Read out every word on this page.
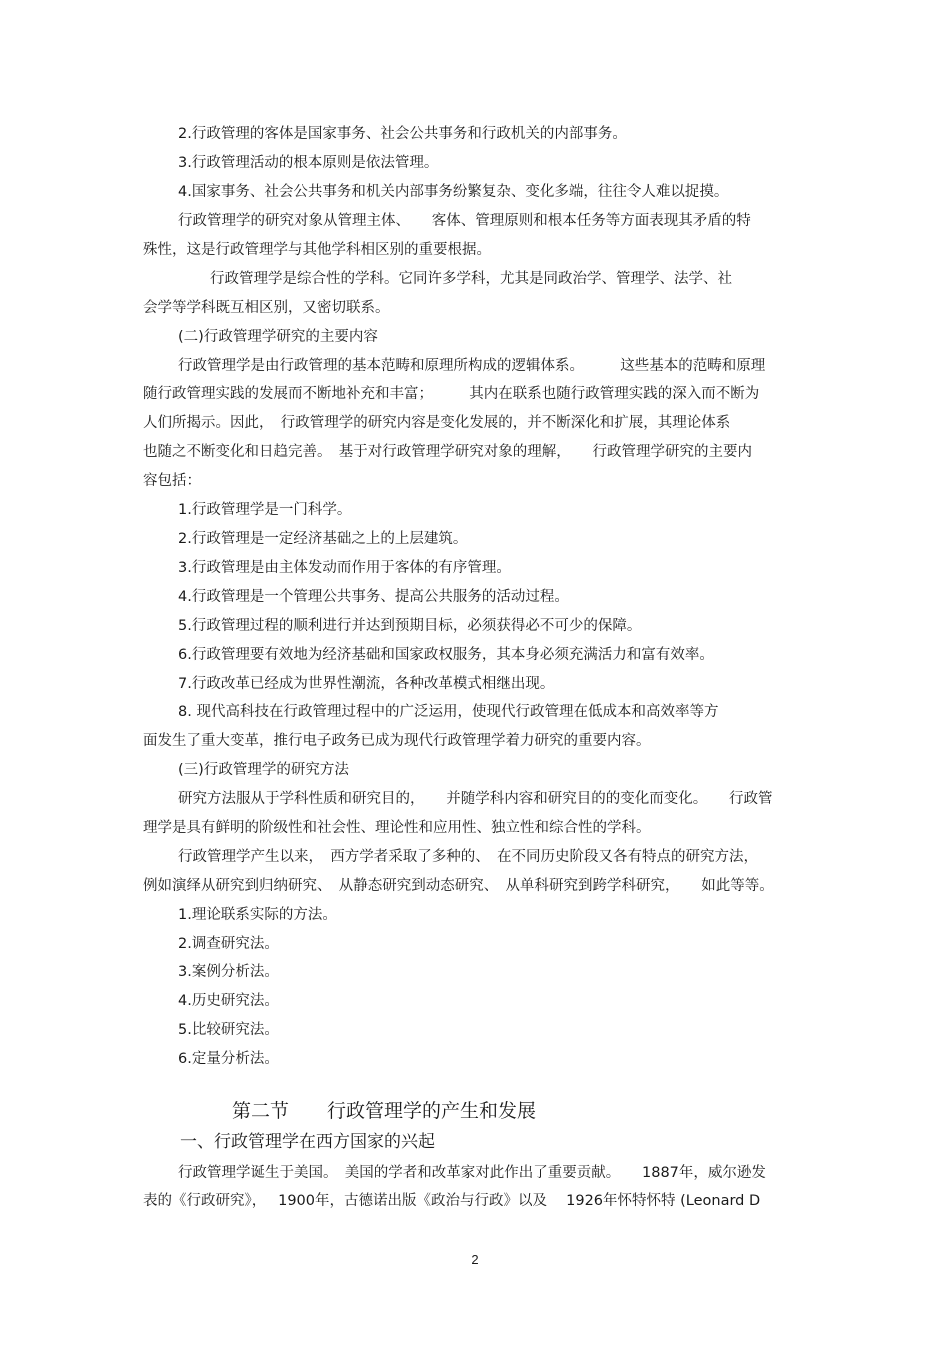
2.行政管理的客体是国家事务、社会公共事务和行政机关的内部事务。
3.行政管理活动的根本原则是依法管理。
4.国家事务、社会公共事务和机关内部事务纷繁复杂、变化多端，往往令人难以捉摸。
行政管理学的研究对象从管理主体、　　客体、管理原则和根本任务等方面表现其矛盾的特
殊性，这是行政管理学与其他学科相区别的重要根据。
行政管理学是综合性的学科。它同许多学科，尤其是同政治学、管理学、法学、社
会学等学科既互相区别，又密切联系。
(二)行政管理学研究的主要内容
行政管理学是由行政管理的基本范畴和原理所构成的逻辑体系。　　　这些基本的范畴和原理
随行政管理实践的发展而不断地补充和丰富；　　　其内在联系也随行政管理实践的深入而不断为
人们所揭示。因此，　行政管理学的研究内容是变化发展的，并不断深化和扩展，其理论体系
也随之不断变化和日趋完善。　基于对行政管理学研究对象的理解，　　行政管理学研究的主要内
容包括：
1.行政管理学是一门科学。
2.行政管理是一定经济基础之上的上层建筑。
3.行政管理是由主体发动而作用于客体的有序管理。
4.行政管理是一个管理公共事务、提高公共服务的活动过程。
5.行政管理过程的顺利进行并达到预期目标，必须获得必不可少的保障。
6.行政管理要有效地为经济基础和国家政权服务，其本身必须充满活力和富有效率。
7.行政改革已经成为世界性潮流，各种改革模式相继出现。
8. 现代高科技在行政管理过程中的广泛运用，使现代行政管理在低成本和高效率等方
面发生了重大变革，推行电子政务已成为现代行政管理学着力研究的重要内容。
(三)行政管理学的研究方法
研究方法服从于学科性质和研究目的，　　并随学科内容和研究目的的变化而变化。　　行政管
理学是具有鲜明的阶级性和社会性、理论性和应用性、独立性和综合性的学科。
行政管理学产生以来，　西方学者采取了多种的、　在不同历史阶段又各有特点的研究方法，
例如演绎从研究到归纳研究、　从静态研究到动态研究、　从单科研究到跨学科研究，　　如此等等。
1.理论联系实际的方法。
2.调查研究法。
3.案例分析法。
4.历史研究法。
5.比较研究法。
6.定量分析法。
第二节　　行政管理学的产生和发展
一、行政管理学在西方国家的兴起
行政管理学诞生于美国。　美国的学者和改革家对此作出了重要贡献。　　1887年，威尔逊发
表的《行政研究》，　 1900年，古德诺出版《政治与行政》以及　 1926年怀特怀特 (Leonard D
2
